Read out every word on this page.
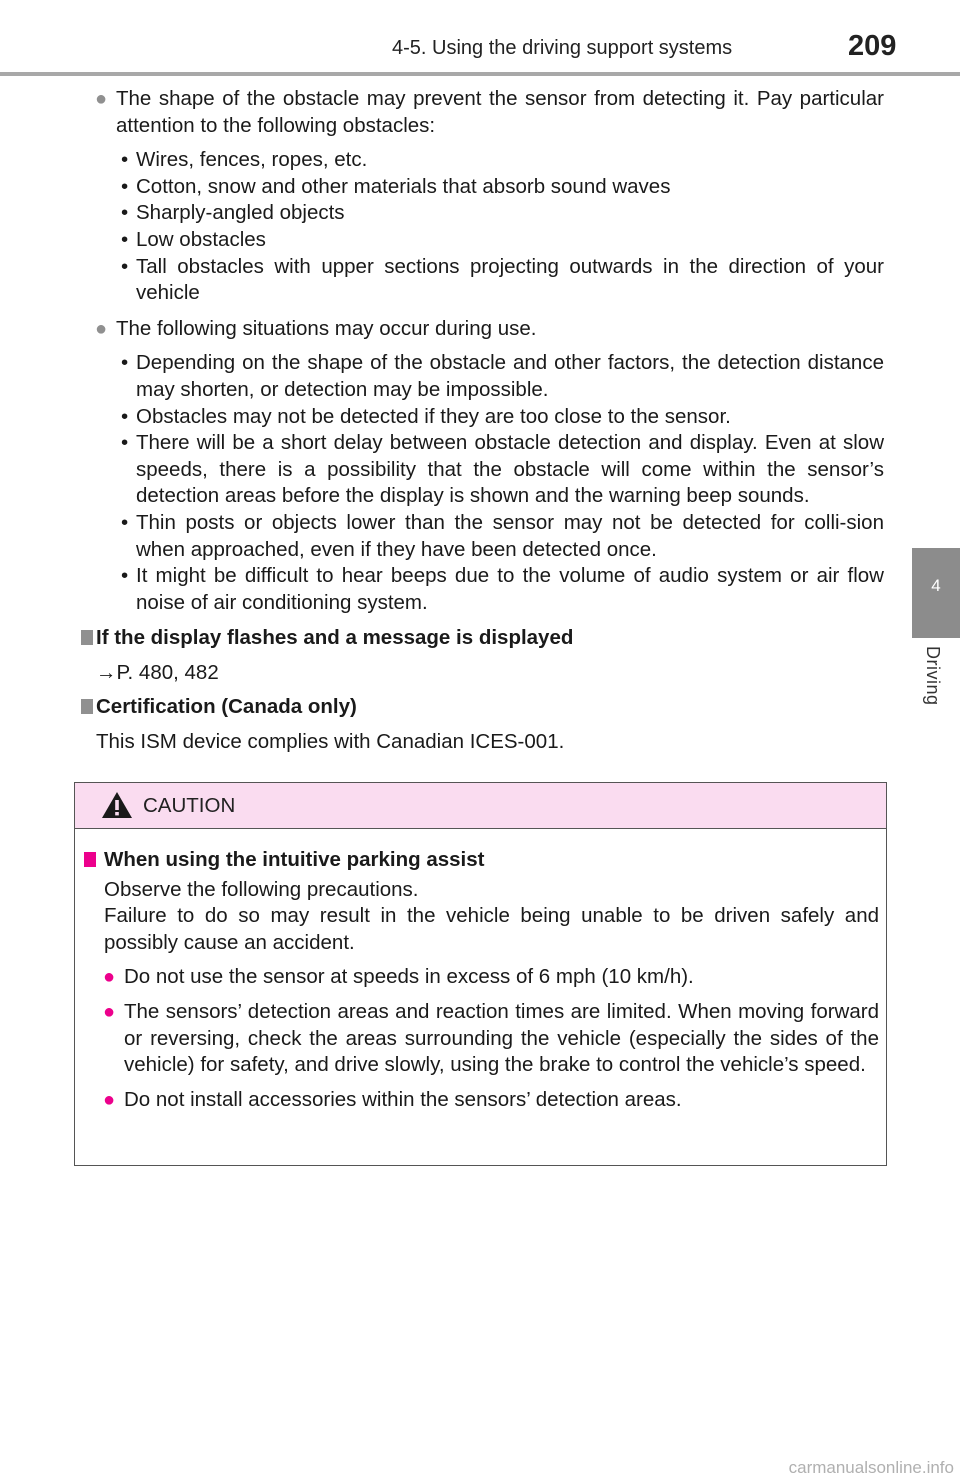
4-5. Using the driving support systems	209
4
Driving
● The shape of the obstacle may prevent the sensor from detecting it. Pay particular attention to the following obstacles:
• Wires, fences, ropes, etc.
• Cotton, snow and other materials that absorb sound waves
• Sharply-angled objects
• Low obstacles
• Tall obstacles with upper sections projecting outwards in the direction of your vehicle
● The following situations may occur during use.
• Depending on the shape of the obstacle and other factors, the detection distance may shorten, or detection may be impossible.
• Obstacles may not be detected if they are too close to the sensor.
• There will be a short delay between obstacle detection and display. Even at slow speeds, there is a possibility that the obstacle will come within the sensor’s detection areas before the display is shown and the warning beep sounds.
• Thin posts or objects lower than the sensor may not be detected for colli-sion when approached, even if they have been detected once.
• It might be difficult to hear beeps due to the volume of audio system or air flow noise of air conditioning system.
If the display flashes and a message is displayed
→P. 480, 482
Certification (Canada only)
This ISM device complies with Canadian ICES-001.
CAUTION
When using the intuitive parking assist
Observe the following precautions.
Failure to do so may result in the vehicle being unable to be driven safely and possibly cause an accident.
● Do not use the sensor at speeds in excess of 6 mph (10 km/h).
● The sensors’ detection areas and reaction times are limited. When moving forward or reversing, check the areas surrounding the vehicle (especially the sides of the vehicle) for safety, and drive slowly, using the brake to control the vehicle’s speed.
● Do not install accessories within the sensors’ detection areas.
carmanualsonline.info
